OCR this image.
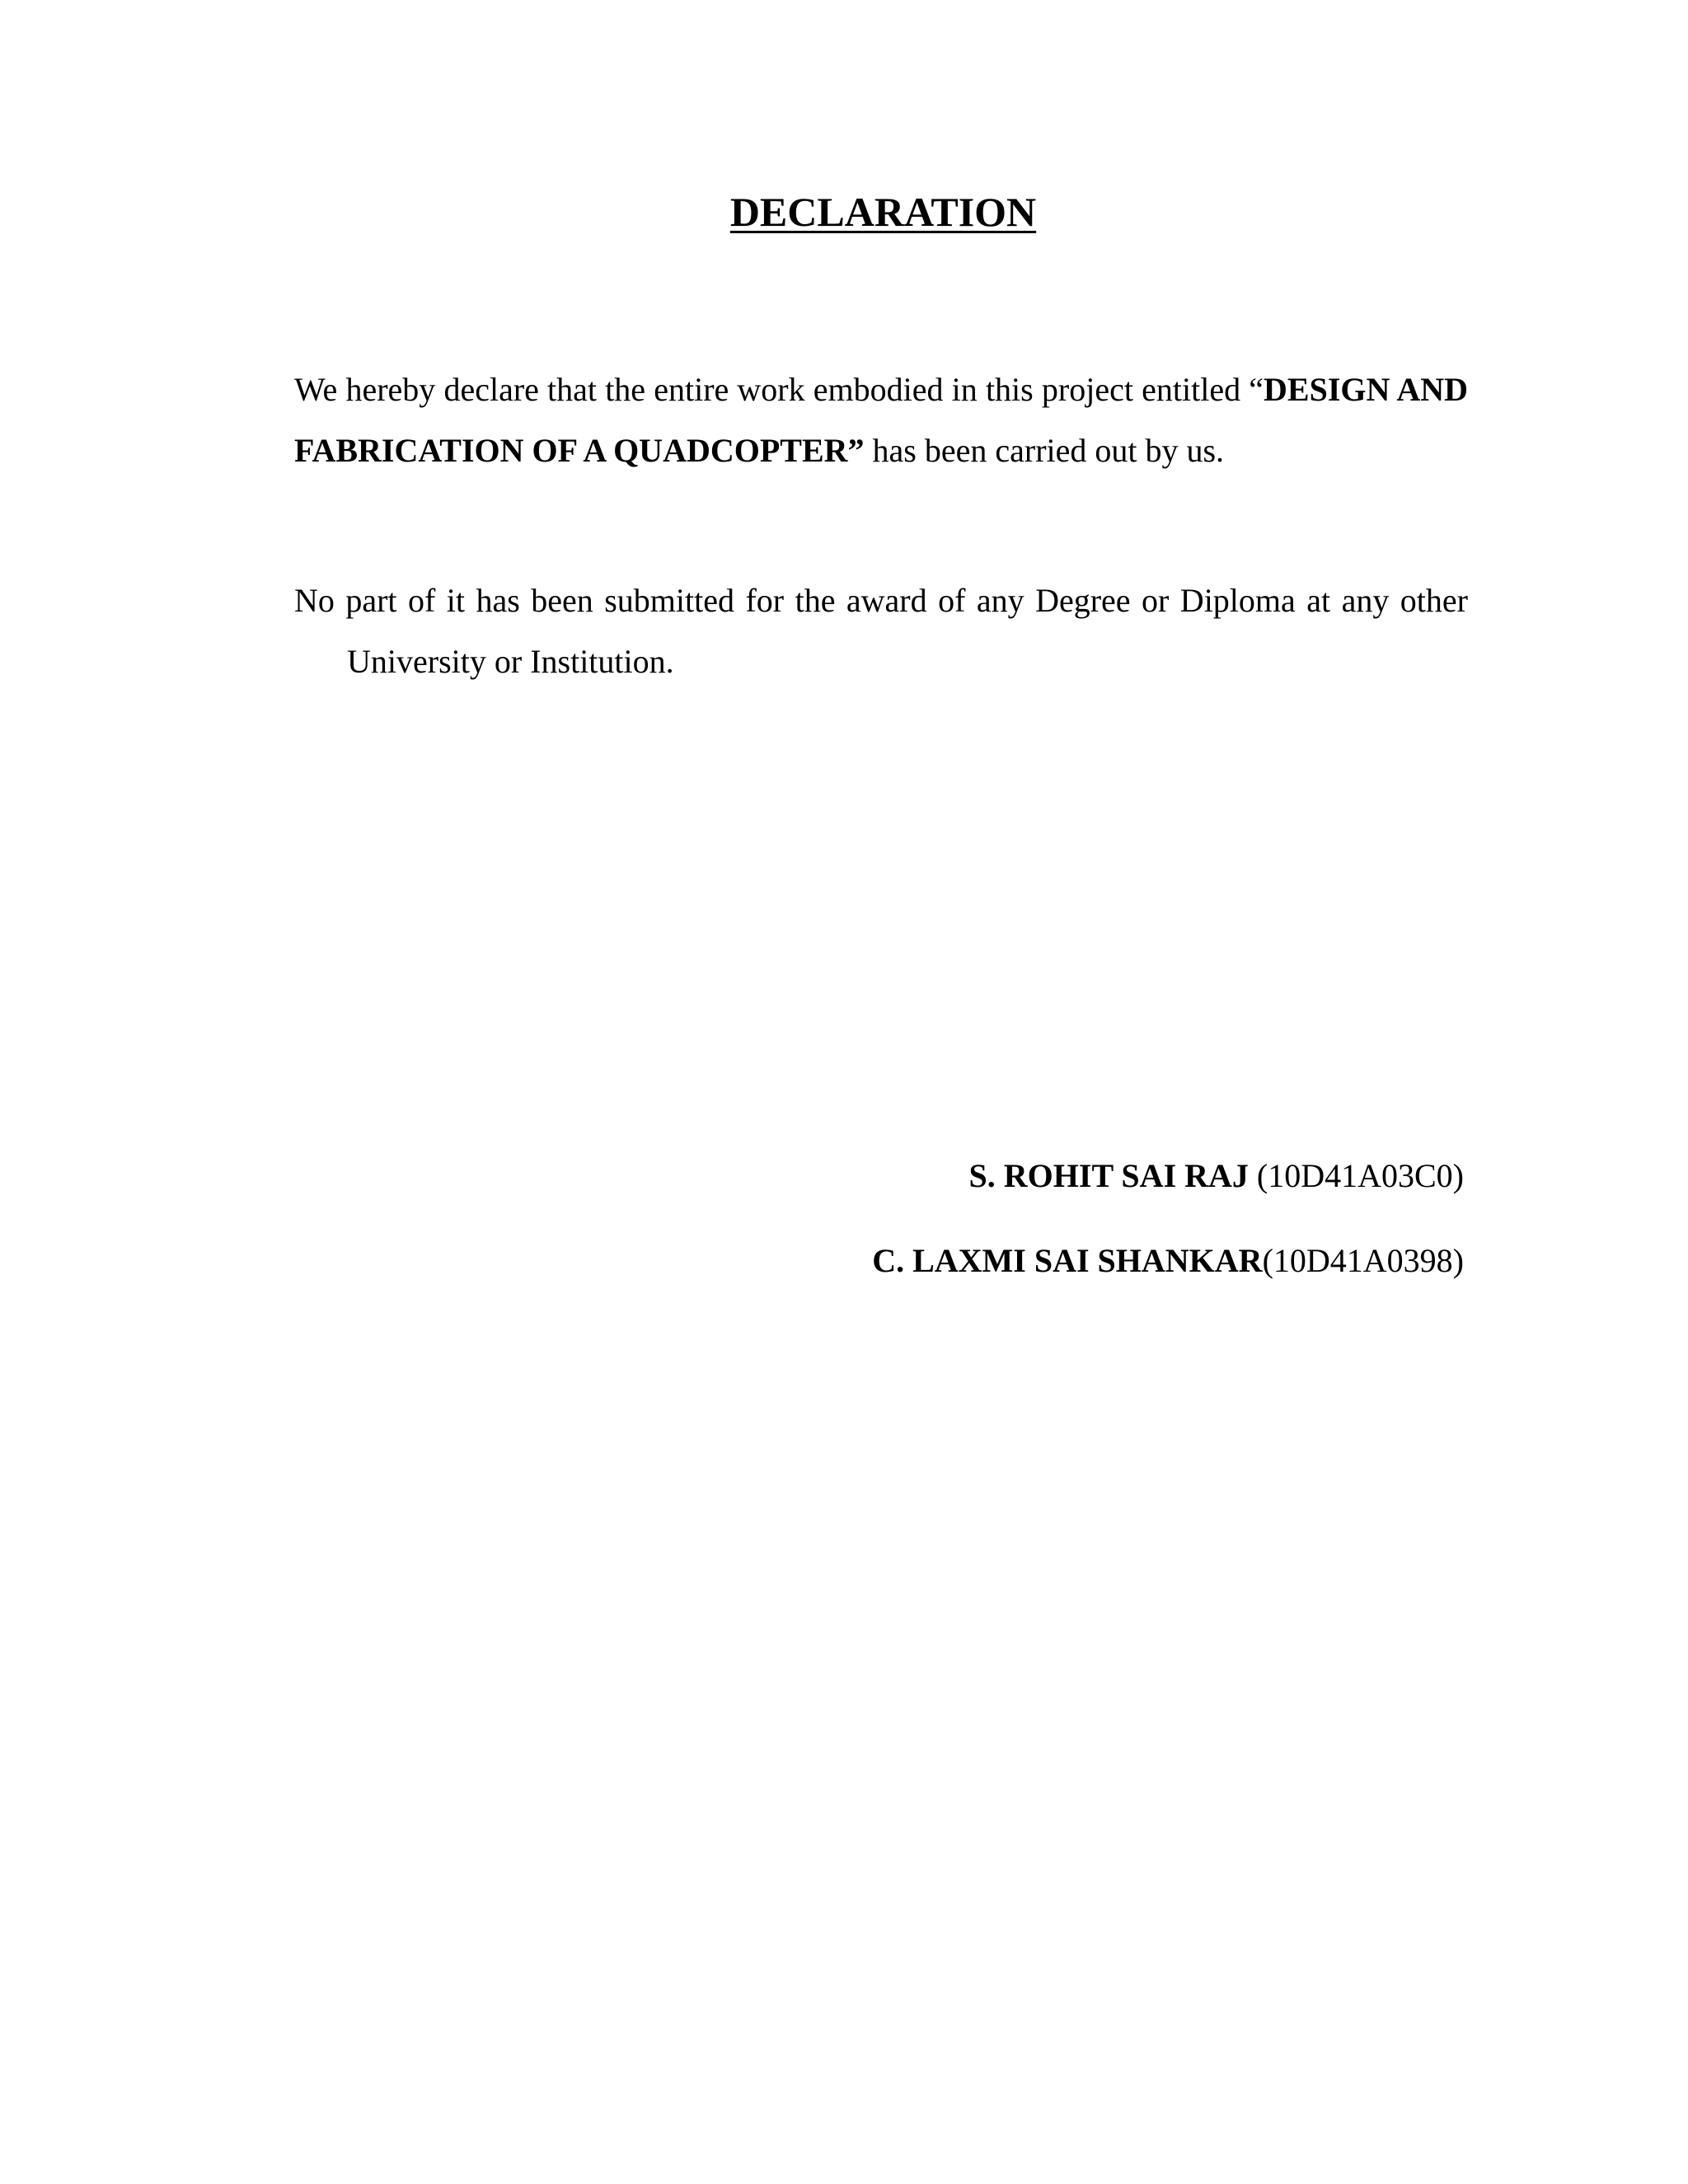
DECLARATION

We hereby declare that the entire work embodied in this project entitled “DESIGN AND FABRICATION OF A QUADCOPTER” has been carried out by us.

No part of it has been submitted for the award of any Degree or Diploma at any otherUniversity or Institution.

S. ROHIT SAI RAJ (10D41A03C0)

C. LAXMI SAI SHANKAR(10D41A0398)
